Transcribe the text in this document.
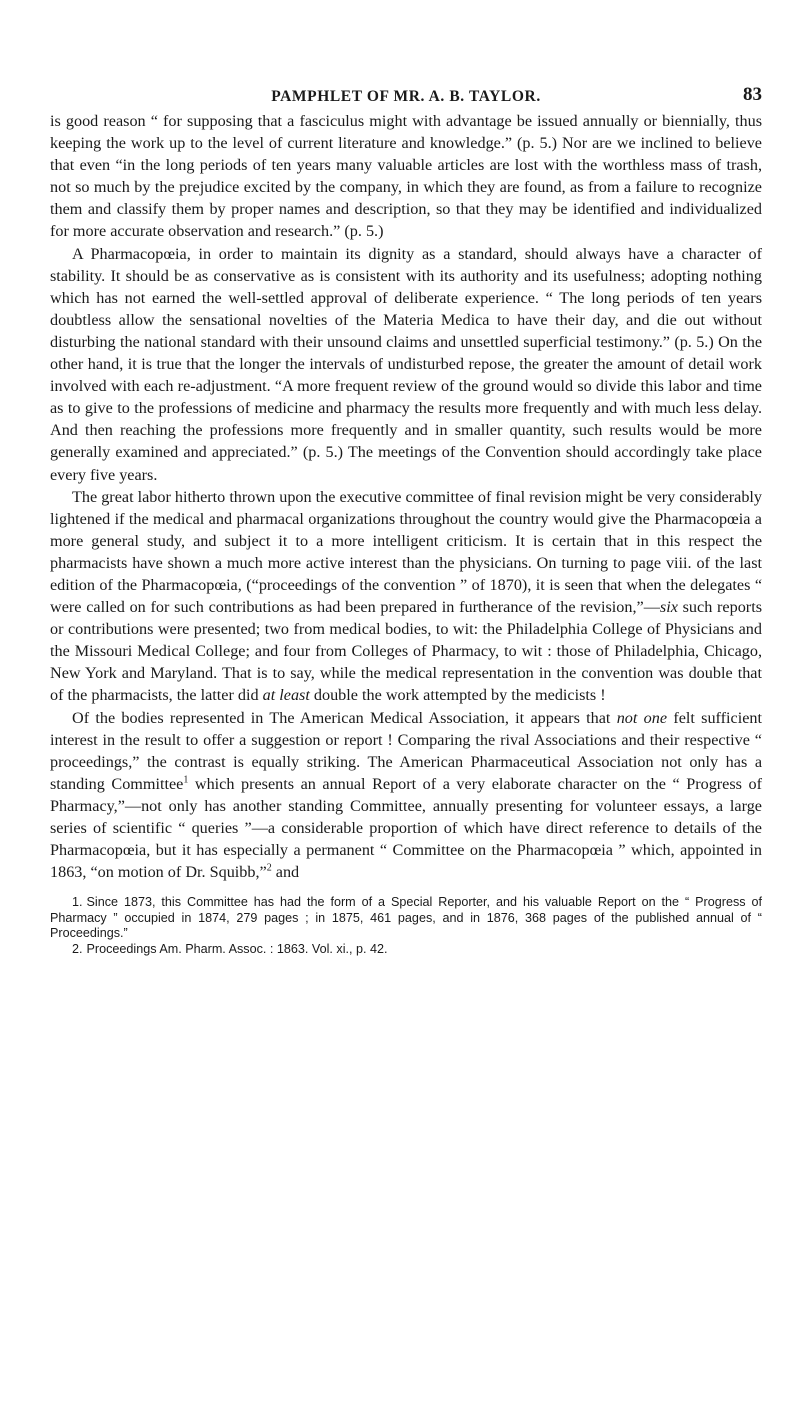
PAMPHLET OF MR. A. B. TAYLOR.	83

is good reason “ for supposing that a fasciculus might with advantage be issued annually or biennially, thus keeping the work up to the level of current literature and knowledge.” (p. 5.) Nor are we inclined to believe that even “in the long periods of ten years many valuable articles are lost with the worthless mass of trash, not so much by the prejudice excited by the company, in which they are found, as from a failure to recognize them and classify them by proper names and description, so that they may be identified and individualized for more accurate observation and research.” (p. 5.)

A Pharmacopœia, in order to maintain its dignity as a standard, should always have a character of stability. It should be as conservative as is consistent with its authority and its usefulness; adopting nothing which has not earned the well-settled approval of deliberate experience. “ The long periods of ten years doubtless allow the sensational novelties of the Materia Medica to have their day, and die out without disturbing the national standard with their unsound claims and unsettled superficial testimony.” (p. 5.) On the other hand, it is true that the longer the intervals of undisturbed repose, the greater the amount of detail work involved with each re-adjustment. “A more frequent review of the ground would so divide this labor and time as to give to the professions of medicine and pharmacy the results more frequently and with much less delay. And then reaching the professions more frequently and in smaller quantity, such results would be more generally examined and appreciated.” (p. 5.) The meetings of the Convention should accordingly take place every five years.

The great labor hitherto thrown upon the executive committee of final revision might be very considerably lightened if the medical and pharmacal organizations throughout the country would give the Pharmacopœia a more general study, and subject it to a more intelligent criticism. It is certain that in this respect the pharmacists have shown a much more active interest than the physicians. On turning to page viii. of the last edition of the Pharmacopœia, (“proceedings of the convention ” of 1870), it is seen that when the delegates “ were called on for such contributions as had been prepared in furtherance of the revision,”—six such reports or contributions were presented; two from medical bodies, to wit: the Philadelphia College of Physicians and the Missouri Medical College; and four from Colleges of Pharmacy, to wit : those of Philadelphia, Chicago, New York and Maryland. That is to say, while the medical representation in the convention was double that of the pharmacists, the latter did at least double the work attempted by the medicists !

Of the bodies represented in The American Medical Association, it appears that not one felt sufficient interest in the result to offer a suggestion or report ! Comparing the rival Associations and their respective “ proceedings,” the contrast is equally striking. The American Pharmaceutical Association not only has a standing Committee$^1$ which presents an annual Report of a very elaborate character on the “ Progress of Pharmacy,”—not only has another standing Committee, annually presenting for volunteer essays, a large series of scientific “ queries ”—a considerable proportion of which have direct reference to details of the Pharmacopœia, but it has especially a permanent “ Committee on the Pharmacopœia ” which, appointed in 1863, “on motion of Dr. Squibb,”$^2$ and

1. Since 1873, this Committee has had the form of a Special Reporter, and his valuable Report on the “ Progress of Pharmacy ” occupied in 1874, 279 pages ; in 1875, 461 pages, and in 1876, 368 pages of the published annual of “ Proceedings.”

2. Proceedings Am. Pharm. Assoc. : 1863. Vol. xi., p. 42.
